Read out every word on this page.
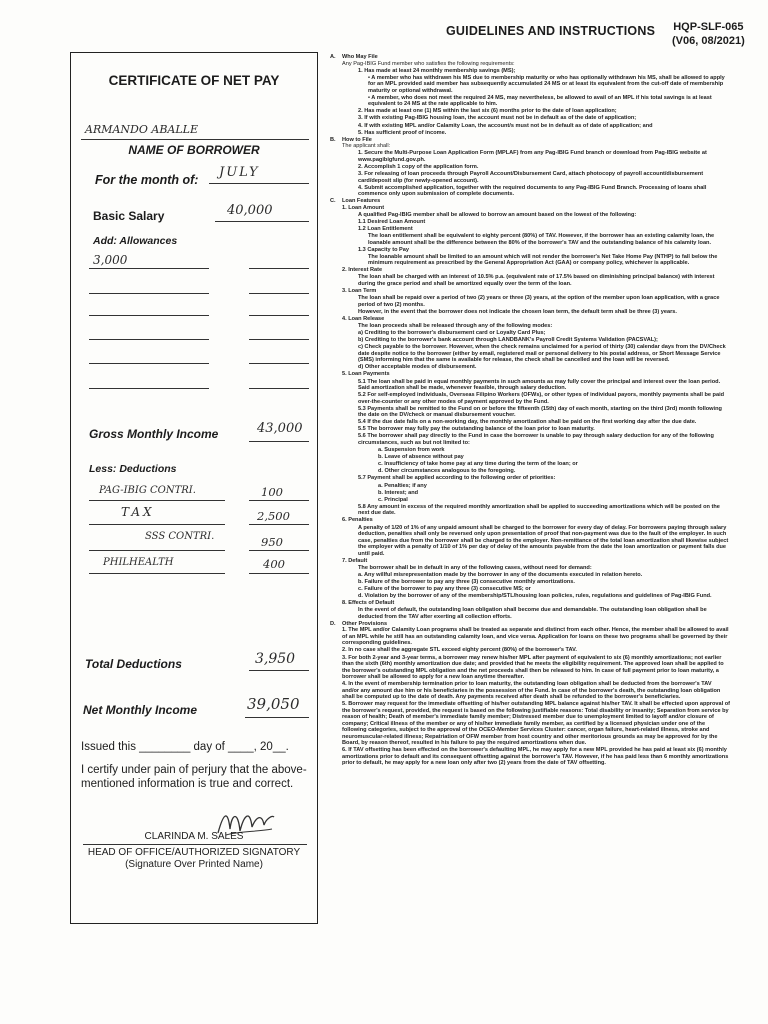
GUIDELINES AND INSTRUCTIONS HQP-SLF-065
(V06, 08/2021)
CERTIFICATE OF NET PAY
ARMANDO ABALLE
NAME OF BORROWER
For the month of: JULY
Basic Salary	40,000
Add: Allowances
3,000
Gross Monthly Income	43,000
Less: Deductions
PAG-IBIG CONTRI.	100
TAX	2,500
SSS CONTRI.	950
PHILHEALTH	400
Total Deductions	3,950
Net Monthly Income	39,050
Issued this ________ day of ____, 20__.
I certify under pain of perjury that the above-mentioned information is true and correct.
CLARINDA M. SALES
HEAD OF OFFICE/AUTHORIZED SIGNATORY
(Signature Over Printed Name)
A.	Who May File
Any Pag-IBIG Fund member who satisfies the following requirements:
1. Has made at least 24 monthly membership savings (MS);
• A member who has withdrawn his MS due to membership maturity or who has optionally withdrawn his MS, shall be allowed to apply for an MPL provided said member has subsequently accumulated 24 MS or at least its equivalent from the cut-off date of membership maturity or optional withdrawal.
• A member, who does not meet the required 24 MS, may nevertheless, be allowed to avail of an MPL if his total savings is at least equivalent to 24 MS at the rate applicable to him.
2. Has made at least one (1) MS within the last six (6) months prior to the date of loan application;
3. If with existing Pag-IBIG housing loan, the account must not be in default as of the date of application;
4. If with existing MPL and/or Calamity Loan, the account/s must not be in default as of date of application; and
5. Has sufficient proof of income.
B.	How to File
The applicant shall:
1. Secure the Multi-Purpose Loan Application Form (MPLAF) from any Pag-IBIG Fund branch or download from Pag-IBIG website at www.pagibigfund.gov.ph.
2. Accomplish 1 copy of the application form.
3. For releasing of loan proceeds through Payroll Account/Disbursement Card, attach photocopy of payroll account/disbursement card/deposit slip (for newly-opened account).
4. Submit accomplished application, together with the required documents to any Pag-IBIG Fund Branch. Processing of loans shall commence only upon submission of complete documents.
C.	Loan Features
1. Loan Amount
A qualified Pag-IBIG member shall be allowed to borrow an amount based on the lowest of the following:
1.1 Desired Loan Amount
1.2 Loan Entitlement
The loan entitlement shall be equivalent to eighty percent (80%) of TAV. However, if the borrower has an existing calamity loan, the loanable amount shall be the difference between the 80% of the borrower's TAV and the outstanding balance of his calamity loan.
1.3 Capacity to Pay
The loanable amount shall be limited to an amount which will not render the borrower's Net Take Home Pay (NTHP) to fall below the minimum requirement as prescribed by the General Appropriation Act (GAA) or company policy, whichever is applicable.
2. Interest Rate
The loan shall be charged with an interest of 10.5% p.a. (equivalent rate of 17.5% based on diminishing principal balance) with interest during the grace period and shall be amortized equally over the term of the loan.
3. Loan Term
The loan shall be repaid over a period of two (2) years or three (3) years, at the option of the member upon loan application, with a grace period of two (2) months.
However, in the event that the borrower does not indicate the chosen loan term, the default term shall be three (3) years.
4. Loan Release
The loan proceeds shall be released through any of the following modes:
a) Crediting to the borrower's disbursement card or Loyalty Card Plus;
b) Crediting to the borrower's bank account through LANDBANK's Payroll Credit Systems Validation (PACSVAL);
c) Check payable to the borrower. However, when the check remains unclaimed for a period of thirty (30) calendar days from the DV/Check date despite notice to the borrower (either by email, registered mail or personal delivery to his postal address, or Short Message Service (SMS) informing him that the same is available for release, the check shall be cancelled and the loan will be reversed.
d) Other acceptable modes of disbursement.
5. Loan Payments
5.1 The loan shall be paid in equal monthly payments in such amounts as may fully cover the principal and interest over the loan period. Said amortization shall be made, whenever feasible, through salary deduction.
5.2 For self-employed individuals, Overseas Filipino Workers (OFWs), or other types of individual payors, monthly payments shall be paid over-the-counter or any other modes of payment approved by the Fund.
5.3 Payments shall be remitted to the Fund on or before the fifteenth (15th) day of each month, starting on the third (3rd) month following the date on the DV/check or manual disbursement voucher.
5.4 If the due date falls on a non-working day, the monthly amortization shall be paid on the first working day after the due date.
5.5 The borrower may fully pay the outstanding balance of the loan prior to loan maturity.
5.6 The borrower shall pay directly to the Fund in case the borrower is unable to pay through salary deduction for any of the following circumstances, such as but not limited to:
a. Suspension from work
b. Leave of absence without pay
c. Insufficiency of take home pay at any time during the term of the loan; or
d. Other circumstances analogous to the foregoing.
5.7 Payment shall be applied according to the following order of priorities:
a. Penalties; if any
b. Interest; and
c. Principal
5.8 Any amount in excess of the required monthly amortization shall be applied to succeeding amortizations which will be posted on the next due date.
6. Penalties
A penalty of 1/20 of 1% of any unpaid amount shall be charged to the borrower for every day of delay. For borrowers paying through salary deduction, penalties shall only be reversed only upon presentation of proof that non-payment was due to the fault of the employer. In such case, penalties due from the borrower shall be charged to the employer. Non-remittance of the total loan amortization shall likewise subject the employer with a penalty of 1/10 of 1% per day of delay of the amounts payable from the date the loan amortization or payment falls due until paid.
7. Default
The borrower shall be in default in any of the following cases, without need for demand:
a. Any willful misrepresentation made by the borrower in any of the documents executed in relation hereto.
b. Failure of the borrower to pay any three (3) consecutive monthly amortizations.
c. Failure of the borrower to pay any three (3) consecutive MS; or
d. Violation by the borrower of any of the membership/STL/housing loan policies, rules, regulations and guidelines of Pag-IBIG Fund.
8. Effects of Default
In the event of default, the outstanding loan obligation shall become due and demandable. The outstanding loan obligation shall be deducted from the TAV after exerting all collection efforts.
D.	Other Provisions
1. The MPL and/or Calamity Loan programs shall be treated as separate and distinct from each other. Hence, the member shall be allowed to avail of an MPL while he still has an outstanding calamity loan, and vice versa. Application for loans on these two programs shall be governed by their corresponding guidelines.
2. In no case shall the aggregate STL exceed eighty percent (80%) of the borrower's TAV.
3. For both 2-year and 3-year terms, a borrower may renew his/her MPL after payment of equivalent to six (6) monthly amortizations; not earlier than the sixth (6th) monthly amortization due date; and provided that he meets the eligibility requirement. The approved loan shall be applied to the borrower's outstanding MPL obligation and the net proceeds shall then be released to him. In case of full payment prior to loan maturity, a borrower shall be allowed to apply for a new loan anytime thereafter.
4. In the event of membership termination prior to loan maturity, the outstanding loan obligation shall be deducted from the borrower's TAV and/or any amount due him or his beneficiaries in the possession of the Fund. In case of the borrower's death, the outstanding loan obligation shall be computed up to the date of death. Any payments received after death shall be refunded to the borrower's beneficiaries.
5. Borrower may request for the immediate offsetting of his/her outstanding MPL balance against his/her TAV. It shall be effected upon approval of the borrower's request, provided, the request is based on the following justifiable reasons: Total disability or insanity; Separation from service by reason of health; Death of member's immediate family member; Distressed member due to unemployment limited to layoff and/or closure of company; Critical illness of the member or any of his/her immediate family member, as certified by a licensed physician under one of the following categories, subject to the approval of the OCEO-Member Services Cluster: cancer, organ failure, heart-related illness, stroke and neuromuscular-related illness; Repatriation of OFW member from host country and other meritorious grounds as may be approved for by the Board, by reason thereof, resulted in his failure to pay the required amortizations when due.
6. If TAV offsetting has been effected on the borrower's defaulting MPL, he may apply for a new MPL provided he has paid at least six (6) monthly amortizations prior to default and its consequent offsetting against the borrower's TAV. However, if he has paid less than 6 monthly amortizations prior to default, he may apply for a new loan only after two (2) years from the date of TAV offsetting.
